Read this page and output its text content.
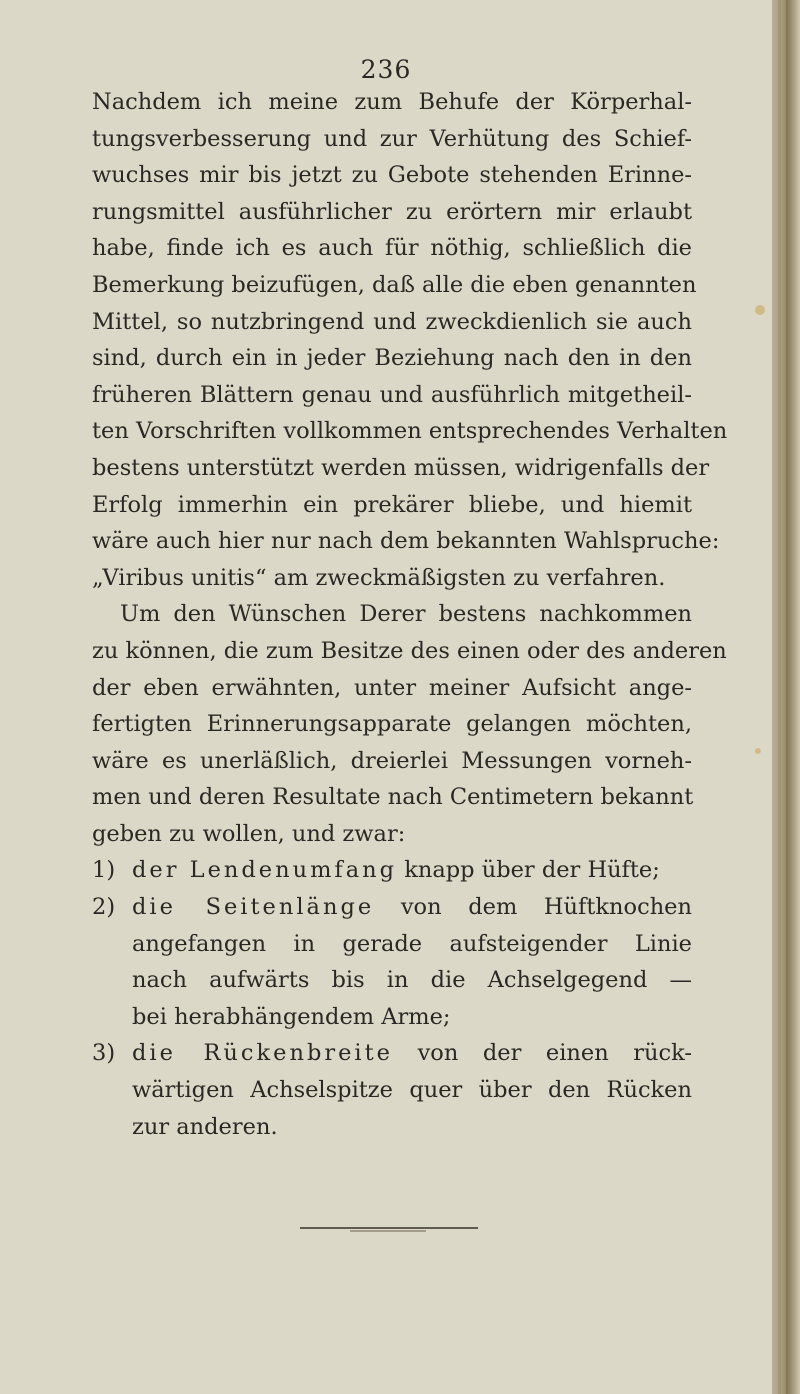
236
Nachdem ich meine zum Behufe der Körperhal-
tungsverbesserung und zur Verhütung des Schief-
wuchses mir bis jetzt zu Gebote stehenden Erinne-
rungsmittel ausführlicher zu erörtern mir erlaubt
habe, finde ich es auch für nöthig, schließlich die
Bemerkung beizufügen, daß alle die eben genannten
Mittel, so nutzbringend und zweckdienlich sie auch
sind, durch ein in jeder Beziehung nach den in den
früheren Blättern genau und ausführlich mitgetheil-
ten Vorschriften vollkommen entsprechendes Verhalten
bestens unterstützt werden müssen, widrigenfalls der
Erfolg immerhin ein prekärer bliebe, und hiemit
wäre auch hier nur nach dem bekannten Wahlspruche:
„Viribus unitis“ am zweckmäßigsten zu verfahren.
Um den Wünschen Derer bestens nachkommen
zu können, die zum Besitze des einen oder des anderen
der eben erwähnten, unter meiner Aufsicht ange-
fertigten Erinnerungsapparate gelangen möchten,
wäre es unerläßlich, dreierlei Messungen vorneh-
men und deren Resultate nach Centimetern bekannt
geben zu wollen, und zwar:
1) der Lendenumfang knapp über der Hüfte;
2) die Seitenlänge von dem Hüftknochen
angefangen in gerade aufsteigender Linie
nach aufwärts bis in die Achselgegend —
bei herabhängendem Arme;
3) die Rückenbreite von der einen rück-
wärtigen Achselspitze quer über den Rücken
zur anderen.
